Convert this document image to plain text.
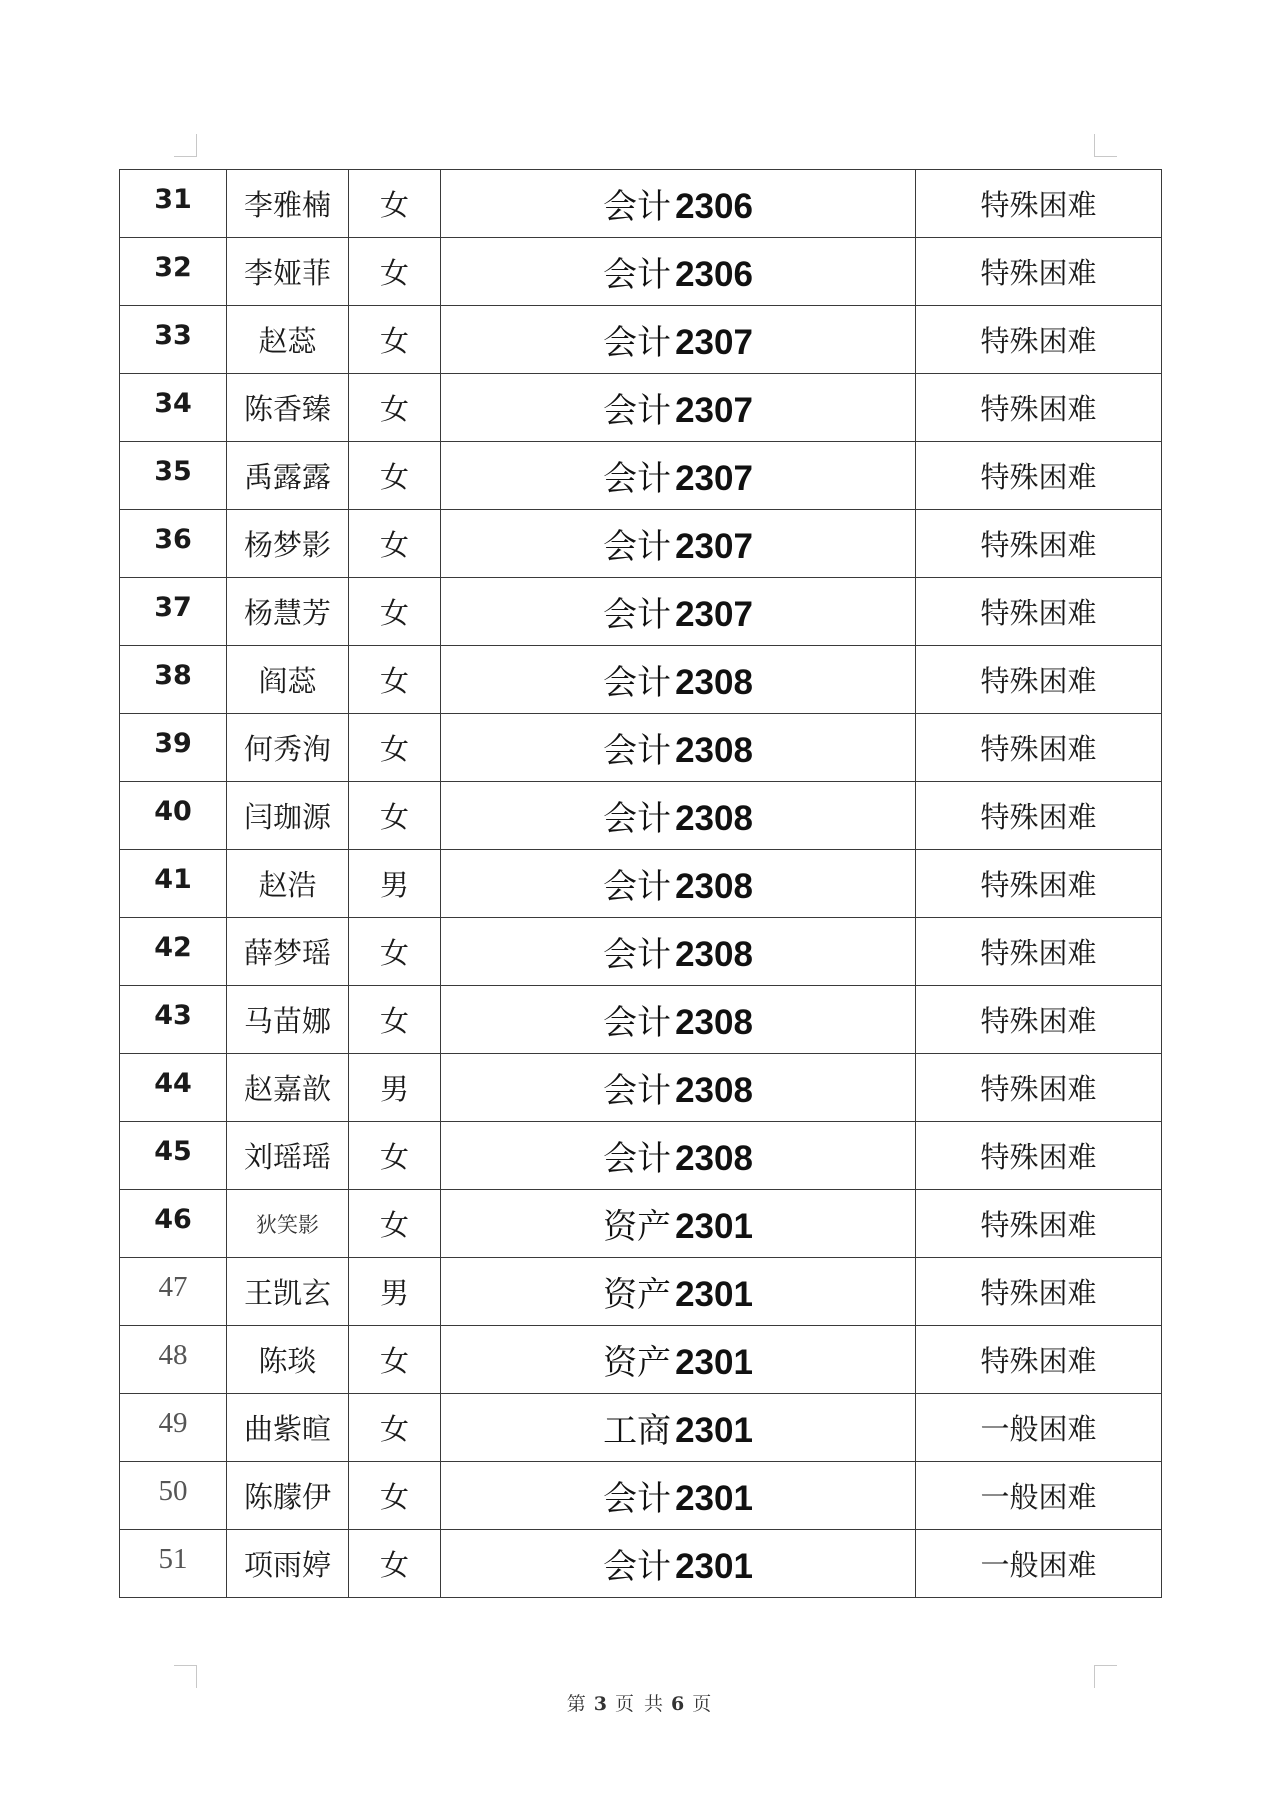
31	李雅楠	女	会计 2306	特殊困难
32	李娅菲	女	会计 2306	特殊困难
33	赵蕊	女	会计 2307	特殊困难
34	陈香臻	女	会计 2307	特殊困难
35	禹露露	女	会计 2307	特殊困难
36	杨梦影	女	会计 2307	特殊困难
37	杨慧芳	女	会计 2307	特殊困难
38	阎蕊	女	会计 2308	特殊困难
39	何秀洵	女	会计 2308	特殊困难
40	闫珈源	女	会计 2308	特殊困难
41	赵浩	男	会计 2308	特殊困难
42	薛梦瑶	女	会计 2308	特殊困难
43	马苗娜	女	会计 2308	特殊困难
44	赵嘉歆	男	会计 2308	特殊困难
45	刘瑶瑶	女	会计 2308	特殊困难
46	狄笑影	女	资产 2301	特殊困难
47	王凯玄	男	资产 2301	特殊困难
48	陈琰	女	资产 2301	特殊困难
49	曲紫暄	女	工商 2301	一般困难
50	陈朦伊	女	会计 2301	一般困难
51	项雨婷	女	会计 2301	一般困难
第 3 页 共 6 页
